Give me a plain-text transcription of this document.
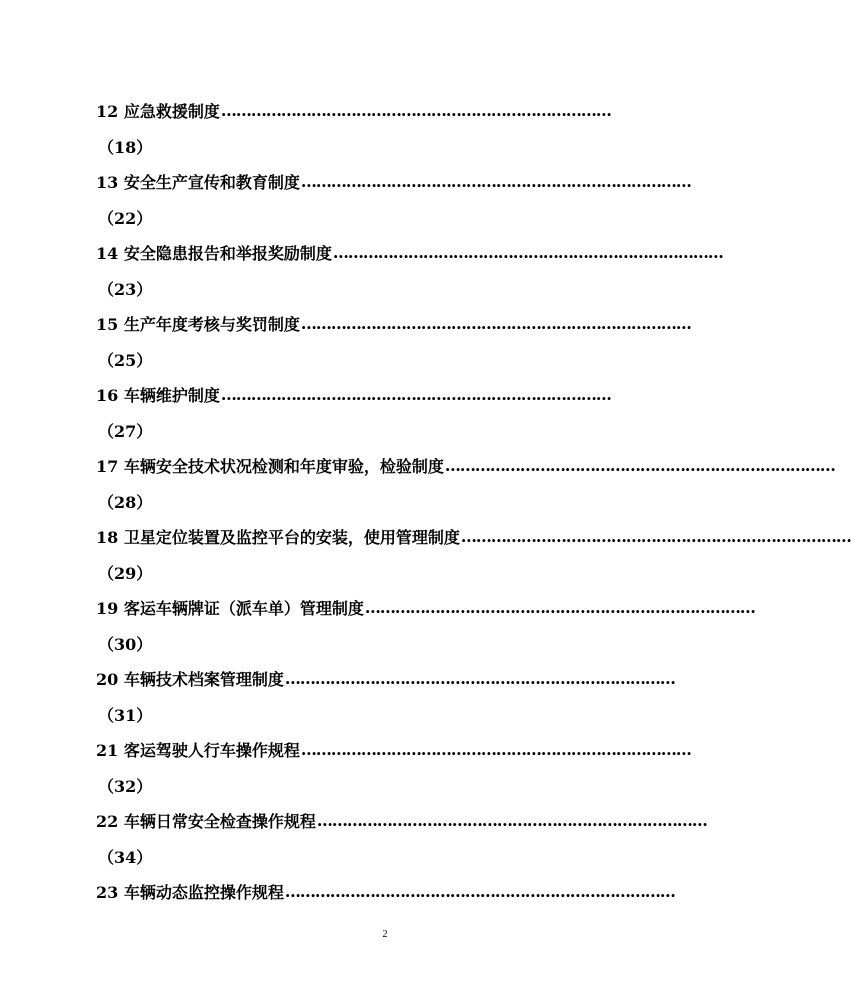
12 应急救援制度 ……………………………………………………………………
（18）
13 安全生产宣传和教育制度 ……………………………………………………………………
（22）
14 安全隐患报告和举报奖励制度 ……………………………………………………………………
（23）
15 生产年度考核与奖罚制度 ……………………………………………………………………
（25）
16 车辆维护制度 ……………………………………………………………………
（27）
17 车辆安全技术状况检测和年度审验，检验制度 ……………………………………………………………………
（28）
18 卫星定位装置及监控平台的安装，使用管理制度 ……………………………………………………………………
（29）
19 客运车辆牌证（派车单）管理制度 ……………………………………………………………………
（30）
20 车辆技术档案管理制度 ……………………………………………………………………
（31）
21 客运驾驶人行车操作规程 ……………………………………………………………………
（32）
22 车辆日常安全检查操作规程 ……………………………………………………………………
（34）
23 车辆动态监控操作规程 ……………………………………………………………………
2
